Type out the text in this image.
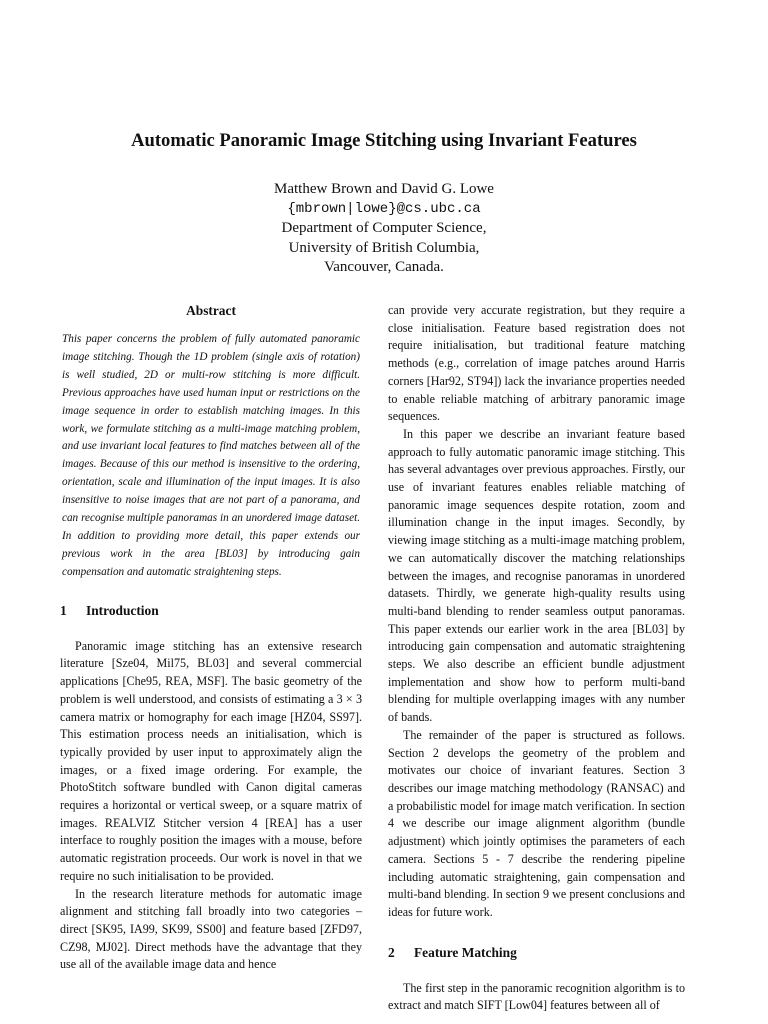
Automatic Panoramic Image Stitching using Invariant Features
Matthew Brown and David G. Lowe
{mbrown|lowe}@cs.ubc.ca
Department of Computer Science,
University of British Columbia,
Vancouver, Canada.
Abstract

This paper concerns the problem of fully automated panoramic image stitching. Though the 1D problem (single axis of rotation) is well studied, 2D or multi-row stitching is more difficult. Previous approaches have used human input or restrictions on the image sequence in order to establish matching images. In this work, we formulate stitching as a multi-image matching problem, and use invariant local features to find matches between all of the images. Because of this our method is insensitive to the ordering, orientation, scale and illumination of the input images. It is also insensitive to noise images that are not part of a panorama, and can recognise multiple panoramas in an unordered image dataset. In addition to providing more detail, this paper extends our previous work in the area [BL03] by introducing gain compensation and automatic straightening steps.

1	Introduction

Panoramic image stitching has an extensive research literature [Sze04, Mil75, BL03] and several commercial applications [Che95, REA, MSF]. The basic geometry of the problem is well understood, and consists of estimating a 3 × 3 camera matrix or homography for each image [HZ04, SS97]. This estimation process needs an initialisation, which is typically provided by user input to approximately align the images, or a fixed image ordering. For example, the PhotoStitch software bundled with Canon digital cameras requires a horizontal or vertical sweep, or a square matrix of images. REALVIZ Stitcher version 4 [REA] has a user interface to roughly position the images with a mouse, before automatic registration proceeds. Our work is novel in that we require no such initialisation to be provided.

In the research literature methods for automatic image alignment and stitching fall broadly into two categories – direct [SK95, IA99, SK99, SS00] and feature based [ZFD97, CZ98, MJ02]. Direct methods have the advantage that they use all of the available image data and hence

can provide very accurate registration, but they require a close initialisation. Feature based registration does not require initialisation, but traditional feature matching methods (e.g., correlation of image patches around Harris corners [Har92, ST94]) lack the invariance properties needed to enable reliable matching of arbitrary panoramic image sequences.

In this paper we describe an invariant feature based approach to fully automatic panoramic image stitching. This has several advantages over previous approaches. Firstly, our use of invariant features enables reliable matching of panoramic image sequences despite rotation, zoom and illumination change in the input images. Secondly, by viewing image stitching as a multi-image matching problem, we can automatically discover the matching relationships between the images, and recognise panoramas in unordered datasets. Thirdly, we generate high-quality results using multi-band blending to render seamless output panoramas. This paper extends our earlier work in the area [BL03] by introducing gain compensation and automatic straightening steps. We also describe an efficient bundle adjustment implementation and show how to perform multi-band blending for multiple overlapping images with any number of bands.

The remainder of the paper is structured as follows. Section 2 develops the geometry of the problem and motivates our choice of invariant features. Section 3 describes our image matching methodology (RANSAC) and a probabilistic model for image match verification. In section 4 we describe our image alignment algorithm (bundle adjustment) which jointly optimises the parameters of each camera. Sections 5 - 7 describe the rendering pipeline including automatic straightening, gain compensation and multi-band blending. In section 9 we present conclusions and ideas for future work.

2	Feature Matching

The first step in the panoramic recognition algorithm is to extract and match SIFT [Low04] features between all of
